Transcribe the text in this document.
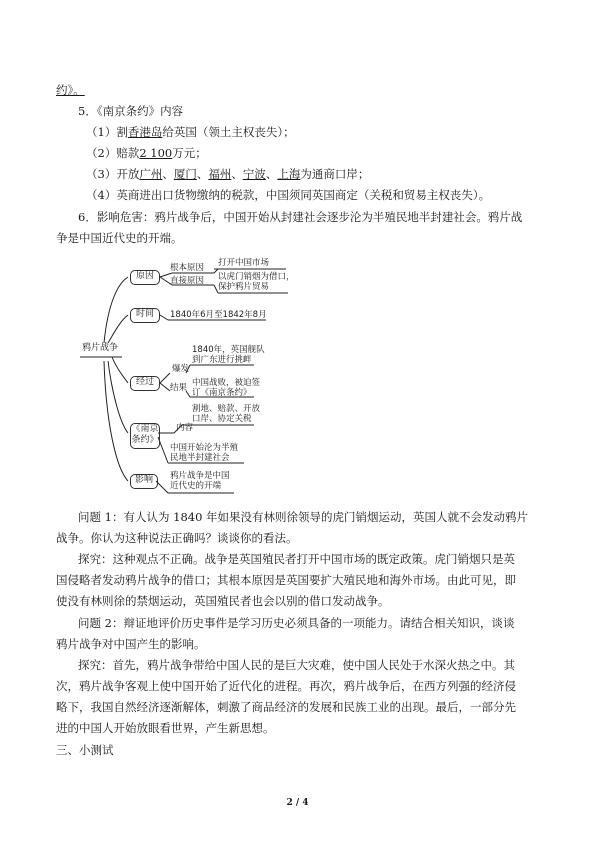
约》。
5．《南京条约》内容
（1）割香港岛给英国（领土主权丧失）；
（2）赔款2 100万元；
（3）开放广州、厦门、福州、宁波、上海为通商口岸；
（4）英商进出口货物缴纳的税款，中国须同英国商定（关税和贸易主权丧失）。
6．影响危害：鸦片战争后，中国开始从封建社会逐步沦为半殖民地半封建社会。鸦片战
争是中国近代史的开端。
鸦片战争
原因
根本原因
直接原因
打开中国市场
以虎门销烟为借口，
保护鸦片贸易
时间	1840年6月至1842年8月
经过
爆发
结果
1840年，英国舰队
到广东进行挑衅
中国战败，被迫签
订《南京条约》
《南京
条约》
内容
割地、赔款、开放
口岸、协定关税
中国开始沦为半殖
民地半封建社会
影响	鸦片战争是中国
近代史的开端
问题 1：有人认为 1840 年如果没有林则徐领导的虎门销烟运动，英国人就不会发动鸦片
战争。你认为这种说法正确吗？谈谈你的看法。
探究：这种观点不正确。战争是英国殖民者打开中国市场的既定政策。虎门销烟只是英
国侵略者发动鸦片战争的借口；其根本原因是英国要扩大殖民地和海外市场。由此可见，即
使没有林则徐的禁烟运动，英国殖民者也会以别的借口发动战争。
问题 2：辩证地评价历史事件是学习历史必须具备的一项能力。请结合相关知识，谈谈
鸦片战争对中国产生的影响。
探究：首先，鸦片战争带给中国人民的是巨大灾难，使中国人民处于水深火热之中。其
次，鸦片战争客观上使中国开始了近代化的进程。再次，鸦片战争后，在西方列强的经济侵
略下，我国自然经济逐渐解体，刺激了商品经济的发展和民族工业的出现。最后，一部分先
进的中国人开始放眼看世界，产生新思想。
三、小测试
2 / 4
